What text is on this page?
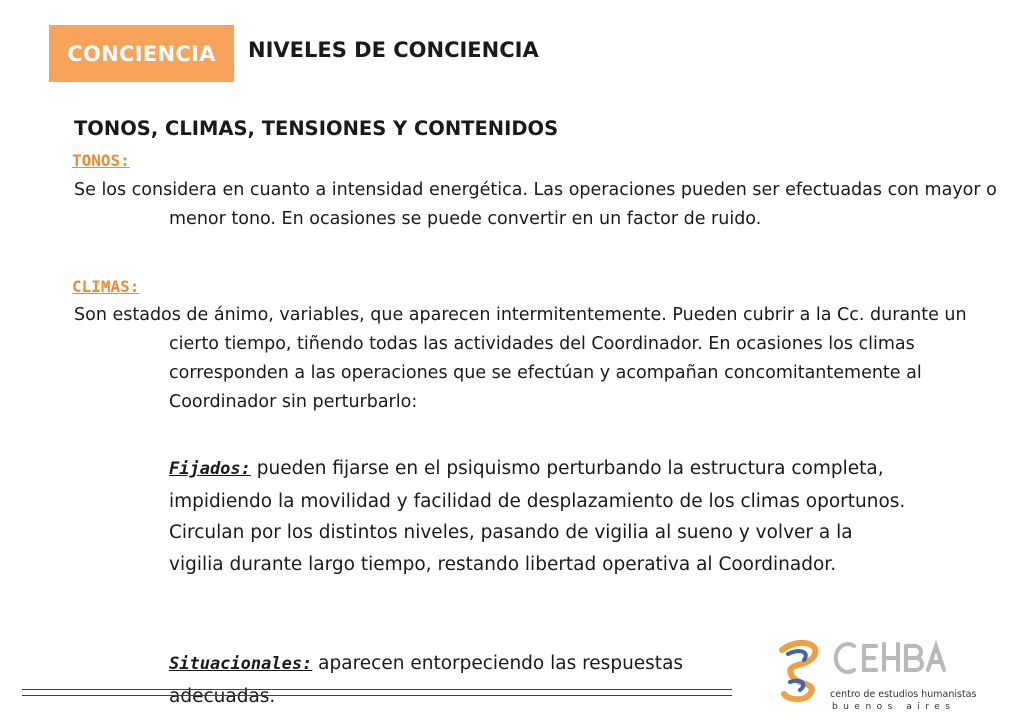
CONCIENCIA	NIVELES DE CONCIENCIA
TONOS, CLIMAS, TENSIONES Y CONTENIDOS
TONOS:

Se los considera en cuanto a intensidad energética. Las operaciones pueden ser efectuadas con mayor o menor tono. En ocasiones se puede convertir en un factor de ruido.

CLIMAS:

Son estados de ánimo, variables, que aparecen intermitentemente. Pueden cubrir a la Cc. durante un cierto tiempo, tiñendo todas las actividades del Coordinador. En ocasiones los climas corresponden a las operaciones que se efectúan y acompañan concomitantemente al Coordinador sin perturbarlo:

Fijados: pueden fijarse en el psiquismo perturbando la estructura completa, impidiendo la movilidad y facilidad de desplazamiento de los climas oportunos. Circulan por los distintos niveles, pasando de vigilia al sueno y volver a la vigilia durante largo tiempo, restando libertad operativa al Coordinador.

Situacionales: aparecen entorpeciendo las respuestas adecuadas.	centro de estudios humanistas
buenos aires
